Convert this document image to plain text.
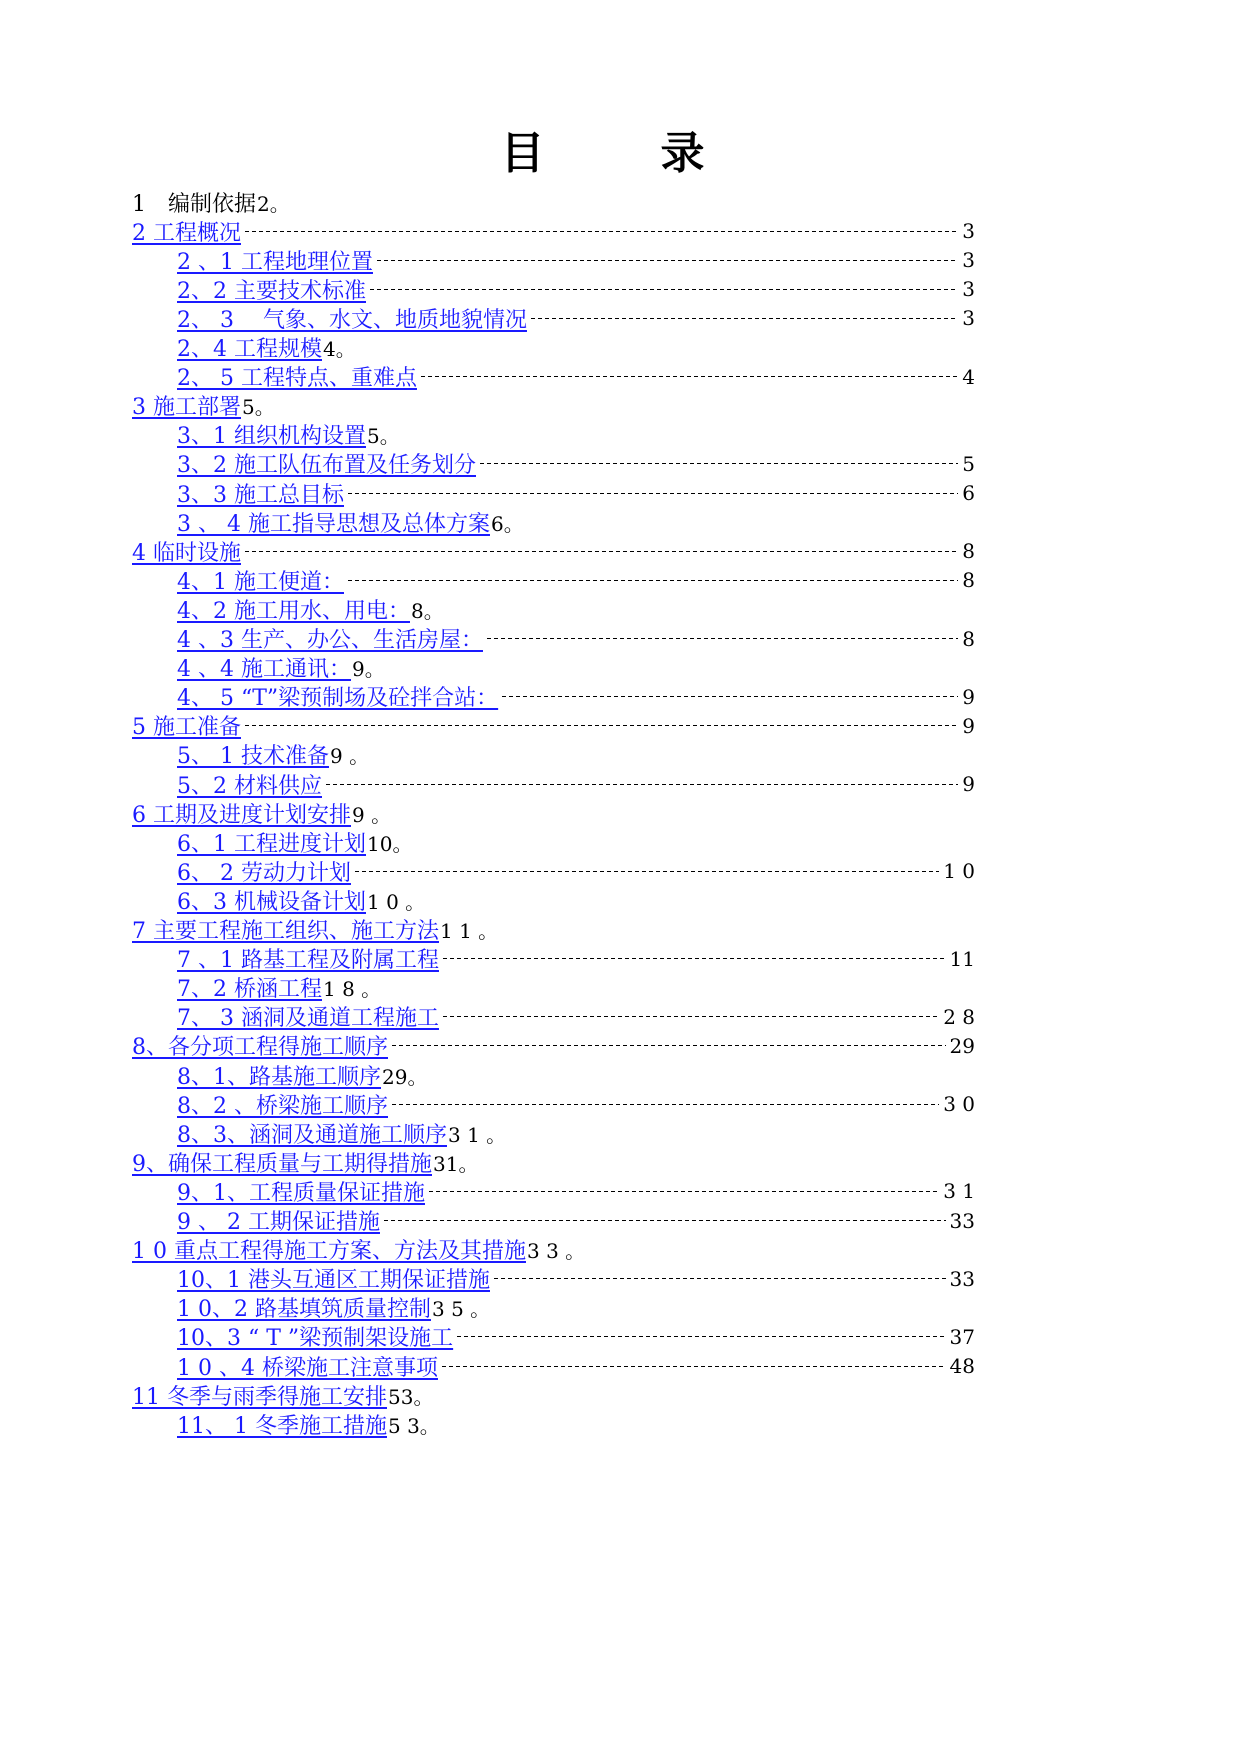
目　录
1　编制依据 2。
2 工程概况	3
2 、1 工程地理位置	3
2、2 主要技术标准	3
2、 3　 气象、水文、地质地貌情况	3
2、4 工程规模 4。
2、 5 工程特点、重难点	4
3 施工部署 5。
3、1 组织机构设置 5。
3、2 施工队伍布置及任务划分	5
3、3 施工总目标	6
3 、 4 施工指导思想及总体方案 6。
4 临时设施	8
4、1 施工便道：	8
4、2 施工用水、用电： 8。
4 、3 生产、办公、生活房屋：	8
4 、4 施工通讯： 9。
4、 5 “T”梁预制场及砼拌合站：	9
5 施工准备	9
5、 1 技术准备 9 。
5、2 材料供应	9
6 工期及进度计划安排 9 。
6、1 工程进度计划 10。
6、 2 劳动力计划	1 0
6、3 机械设备计划 1 0 。
7 主要工程施工组织、施工方法 1 1 。
7 、1 路基工程及附属工程	11
7、2 桥涵工程 1 8 。
7、 3 涵洞及通道工程施工	2 8
8、各分项工程得施工顺序	29
8、1、路基施工顺序 29。
8、2 、桥梁施工顺序	3 0
8、3、涵洞及通道施工顺序 3 1 。
9、确保工程质量与工期得措施 31。
9、1、工程质量保证措施	3 1
9 、 2 工期保证措施	33
1 0 重点工程得施工方案、方法及其措施 3 3 。
10、1 港头互通区工期保证措施	33
1 0、2 路基填筑质量控制 3 5 。
10、3 “ T ”梁预制架设施工	37
1 0 、4 桥梁施工注意事项	48
11 冬季与雨季得施工安排 53。
11、 1 冬季施工措施 5 3。
